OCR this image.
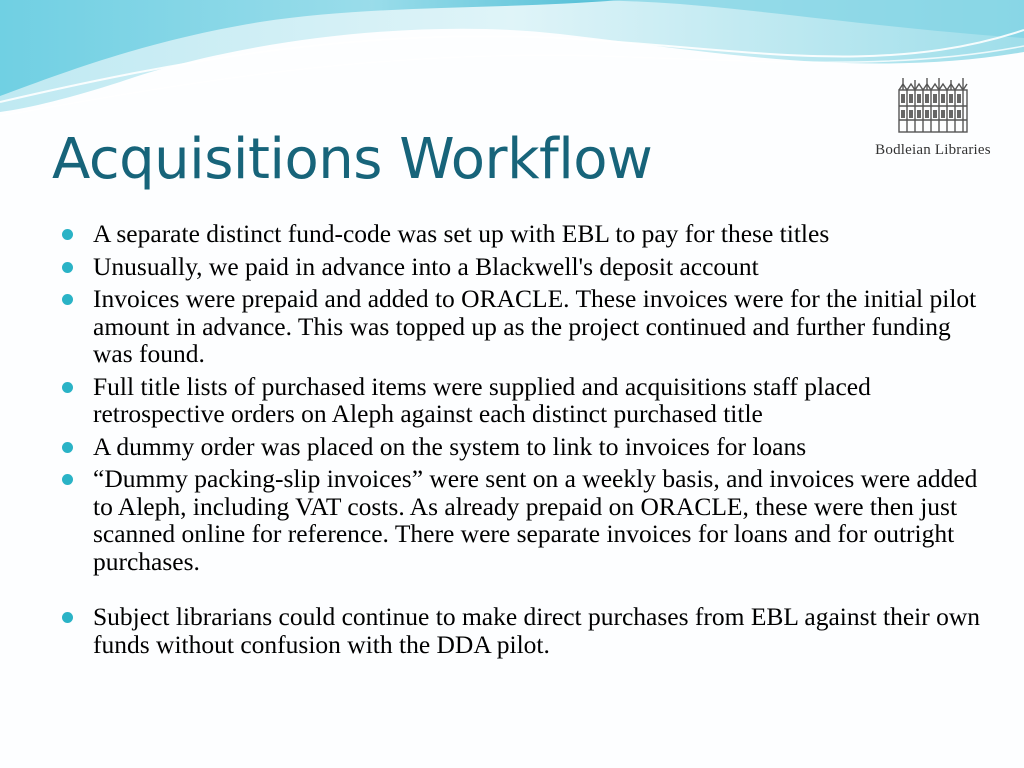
Bodleian Libraries
Acquisitions Workflow
A separate distinct fund-code was set up with EBL to pay for these titles
Unusually, we paid in advance into a Blackwell's deposit account
Invoices were prepaid and added to ORACLE. These invoices were for the initial pilot amount in advance. This was topped up as the project continued and further funding was found.
Full title lists of purchased items were supplied and acquisitions staff placed retrospective orders on Aleph against each distinct purchased title
A dummy order was placed on the system to link to invoices for loans
“Dummy packing-slip invoices” were sent on a weekly basis, and invoices were added to Aleph, including VAT costs. As already prepaid on ORACLE, these were then just scanned online for reference. There were separate invoices for loans and for outright purchases.
Subject librarians could continue to make direct purchases from EBL against their own funds without confusion with the DDA pilot.
